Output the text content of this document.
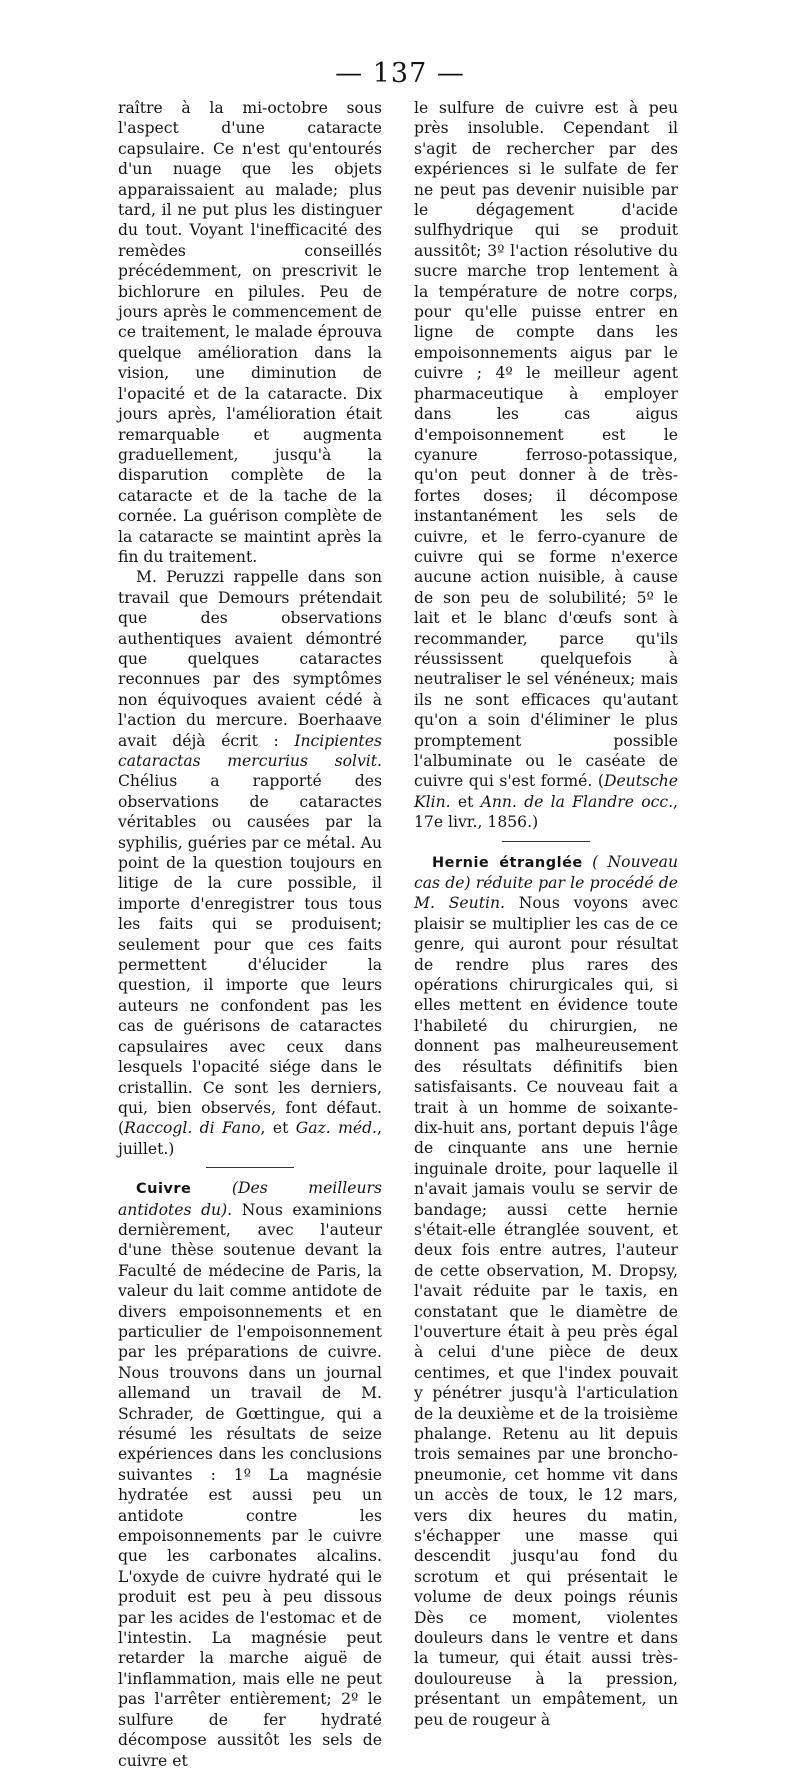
— 137 —

raître à la mi-octobre sous l'aspect d'une cataracte capsulaire. Ce n'est qu'entourés d'un nuage que les objets apparaissaient au malade; plus tard, il ne put plus les distinguer du tout. Voyant l'inefficacité des remèdes conseillés précédemment, on prescrivit le bichlorure en pilules. Peu de jours après le commencement de ce traitement, le malade éprouva quelque amélioration dans la vision, une diminution de l'opacité et de la cataracte. Dix jours après, l'amélioration était remarquable et augmenta graduellement, jusqu'à la disparution complète de la cataracte et de la tache de la cornée. La guérison complète de la cataracte se maintint après la fin du traitement.

M. Peruzzi rappelle dans son travail que Demours prétendait que des observations authentiques avaient démontré que quelques cataractes reconnues par des symptômes non équivoques avaient cédé à l'action du mercure. Boerhaave avait déjà écrit : Incipientes cataractas mercurius solvit. Chélius a rapporté des observations de cataractes véritables ou causées par la syphilis, guéries par ce métal. Au point de la question toujours en litige de la cure possible, il importe d'enregistrer tous tous les faits qui se produisent; seulement pour que ces faits permettent d'élucider la question, il importe que leurs auteurs ne confondent pas les cas de guérisons de cataractes capsulaires avec ceux dans lesquels l'opacité siége dans le cristallin. Ce sont les derniers, qui, bien observés, font défaut. (Raccogl. di Fano, et Gaz. méd., juillet.)

Cuivre	(Des meilleurs antidotes du). Nous examinions dernièrement, avec l'auteur d'une thèse soutenue devant la Faculté de médecine de Paris, la valeur du lait comme antidote de divers empoisonnements et en particulier de l'empoisonnement par les préparations de cuivre. Nous trouvons dans un journal allemand un travail de M. Schrader, de Gœttingue, qui a résumé les résultats de seize expériences dans les conclusions suivantes : 1º La magnésie hydratée est aussi peu un antidote contre les empoisonnements par le cuivre que les carbonates alcalins. L'oxyde de cuivre hydraté qui le produit est peu à peu dissous par les acides de l'estomac et de l'intestin. La magnésie peut retarder la marche aiguë de l'inflammation, mais elle ne peut pas l'arrêter entièrement; 2º le sulfure de fer hydraté décompose aussitôt les sels de cuivre et

le sulfure de cuivre est à peu près insoluble. Cependant il s'agit de rechercher par des expériences si le sulfate de fer ne peut pas devenir nuisible par le dégagement d'acide sulfhydrique qui se produit aussitôt; 3º l'action résolutive du sucre marche trop lentement à la température de notre corps, pour qu'elle puisse entrer en ligne de compte dans les empoisonnements aigus par le cuivre ; 4º le meilleur agent pharmaceutique à employer dans les cas aigus d'empoisonnement est le cyanure ferroso-potassique, qu'on peut donner à de très-fortes doses; il décompose instantanément les sels de cuivre, et le ferro-cyanure de cuivre qui se forme n'exerce aucune action nuisible, à cause de son peu de solubilité; 5º le lait et le blanc d'œufs sont à recommander, parce qu'ils réussissent quelquefois à neutraliser le sel vénéneux; mais ils ne sont efficaces qu'autant qu'on a soin d'éliminer le plus promptement possible l'albuminate ou le caséate de cuivre qui s'est formé. (Deutsche Klin. et Ann. de la Flandre occ., 17e livr., 1856.)

Hernie étranglée ( Nouveau cas de) réduite par le procédé de M. Seutin. Nous voyons avec plaisir se multiplier les cas de ce genre, qui auront pour résultat de rendre plus rares des opérations chirurgicales qui, si elles mettent en évidence toute l'habileté du chirurgien, ne donnent pas malheureusement des résultats définitifs bien satisfaisants. Ce nouveau fait a trait à un homme de soixante-dix-huit ans, portant depuis l'âge de cinquante ans une hernie inguinale droite, pour laquelle il n'avait jamais voulu se servir de bandage; aussi cette hernie s'était-elle étranglée souvent, et deux fois entre autres, l'auteur de cette observation, M. Dropsy, l'avait réduite par le taxis, en constatant que le diamètre de l'ouverture était à peu près égal à celui d'une pièce de deux centimes, et que l'index pouvait y pénétrer jusqu'à l'articulation de la deuxième et de la troisième phalange. Retenu au lit depuis trois semaines par une broncho-pneumonie, cet homme vit dans un accès de toux, le 12 mars, vers dix heures du matin, s'échapper une masse qui descendit jusqu'au fond du scrotum et qui présentait le volume de deux poings réunis Dès ce moment, violentes douleurs dans le ventre et dans la tumeur, qui était aussi très-douloureuse à la pression, présentant un empâtement, un peu de rougeur à
